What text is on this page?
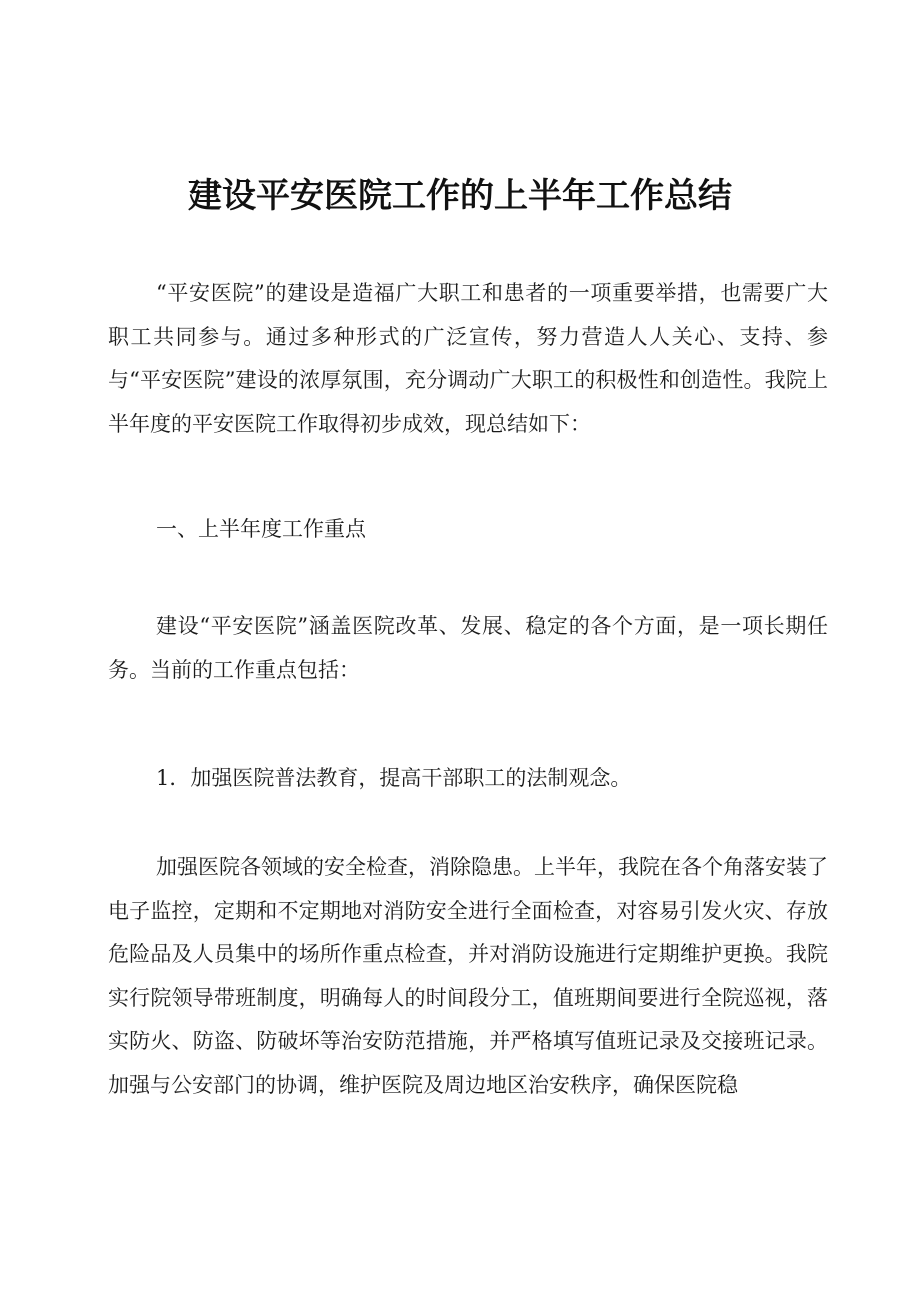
建设平安医院工作的上半年工作总结

“平安医院”的建设是造福广大职工和患者的一项重要举措，也需要广大职工共同参与。通过多种形式的广泛宣传，努力营造人人关心、支持、参与“平安医院”建设的浓厚氛围，充分调动广大职工的积极性和创造性。我院上半年度的平安医院工作取得初步成效，现总结如下：

一、上半年度工作重点

建设“平安医院”涵盖医院改革、发展、稳定的各个方面，是一项长期任务。当前的工作重点包括：

1．加强医院普法教育，提高干部职工的法制观念。

加强医院各领域的安全检查，消除隐患。上半年，我院在各个角落安装了电子监控，定期和不定期地对消防安全进行全面检查，对容易引发火灾、存放危险品及人员集中的场所作重点检查，并对消防设施进行定期维护更换。我院实行院领导带班制度，明确每人的时间段分工，值班期间要进行全院巡视，落实防火、防盗、防破坏等治安防范措施，并严格填写值班记录及交接班记录。加强与公安部门的协调，维护医院及周边地区治安秩序，确保医院稳
